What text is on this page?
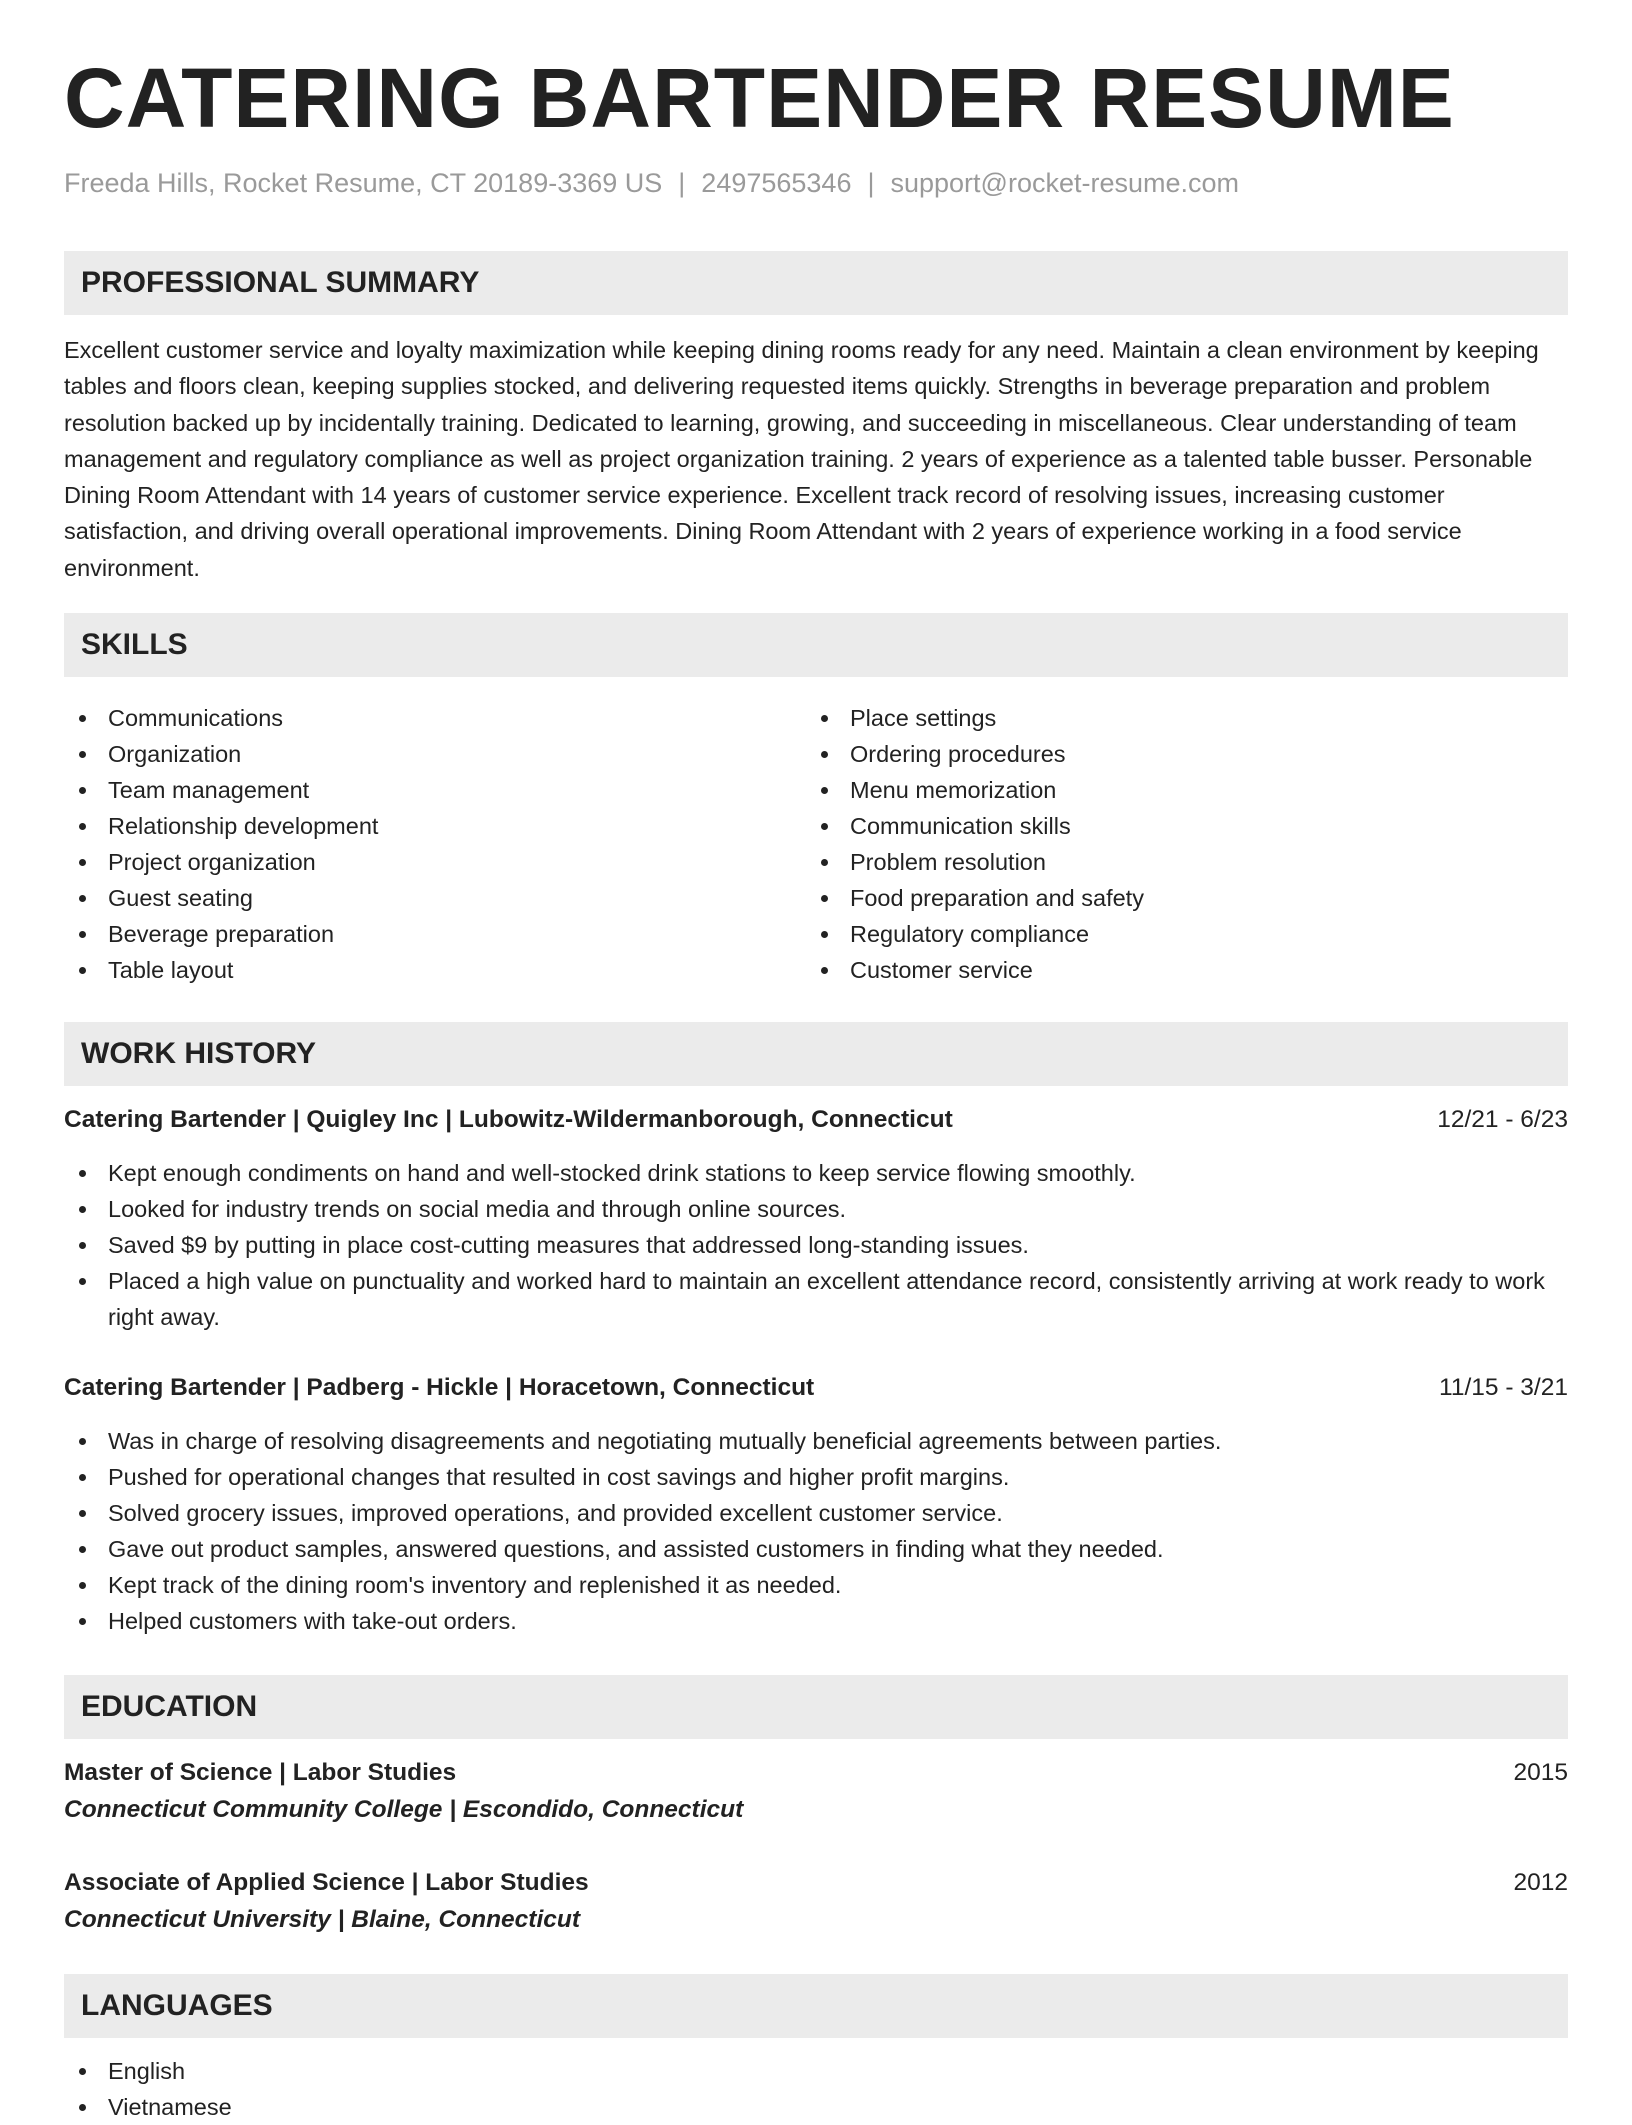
CATERING BARTENDER RESUME
Freeda Hills, Rocket Resume, CT 20189-3369 US | 2497565346 | support@rocket-resume.com
PROFESSIONAL SUMMARY
Excellent customer service and loyalty maximization while keeping dining rooms ready for any need. Maintain a clean environment by keeping tables and floors clean, keeping supplies stocked, and delivering requested items quickly. Strengths in beverage preparation and problem resolution backed up by incidentally training. Dedicated to learning, growing, and succeeding in miscellaneous. Clear understanding of team management and regulatory compliance as well as project organization training. 2 years of experience as a talented table busser. Personable Dining Room Attendant with 14 years of customer service experience. Excellent track record of resolving issues, increasing customer satisfaction, and driving overall operational improvements. Dining Room Attendant with 2 years of experience working in a food service environment.
SKILLS
Communications
Organization
Team management
Relationship development
Project organization
Guest seating
Beverage preparation
Table layout
Place settings
Ordering procedures
Menu memorization
Communication skills
Problem resolution
Food preparation and safety
Regulatory compliance
Customer service
WORK HISTORY
Catering Bartender | Quigley Inc | Lubowitz-Wildermanborough, Connecticut	12/21 - 6/23
Kept enough condiments on hand and well-stocked drink stations to keep service flowing smoothly.
Looked for industry trends on social media and through online sources.
Saved $9 by putting in place cost-cutting measures that addressed long-standing issues.
Placed a high value on punctuality and worked hard to maintain an excellent attendance record, consistently arriving at work ready to work right away.
Catering Bartender | Padberg - Hickle | Horacetown, Connecticut	11/15 - 3/21
Was in charge of resolving disagreements and negotiating mutually beneficial agreements between parties.
Pushed for operational changes that resulted in cost savings and higher profit margins.
Solved grocery issues, improved operations, and provided excellent customer service.
Gave out product samples, answered questions, and assisted customers in finding what they needed.
Kept track of the dining room's inventory and replenished it as needed.
Helped customers with take-out orders.
EDUCATION
Master of Science | Labor Studies	2015
Connecticut Community College | Escondido, Connecticut
Associate of Applied Science | Labor Studies	2012
Connecticut University | Blaine, Connecticut
LANGUAGES
English
Vietnamese
